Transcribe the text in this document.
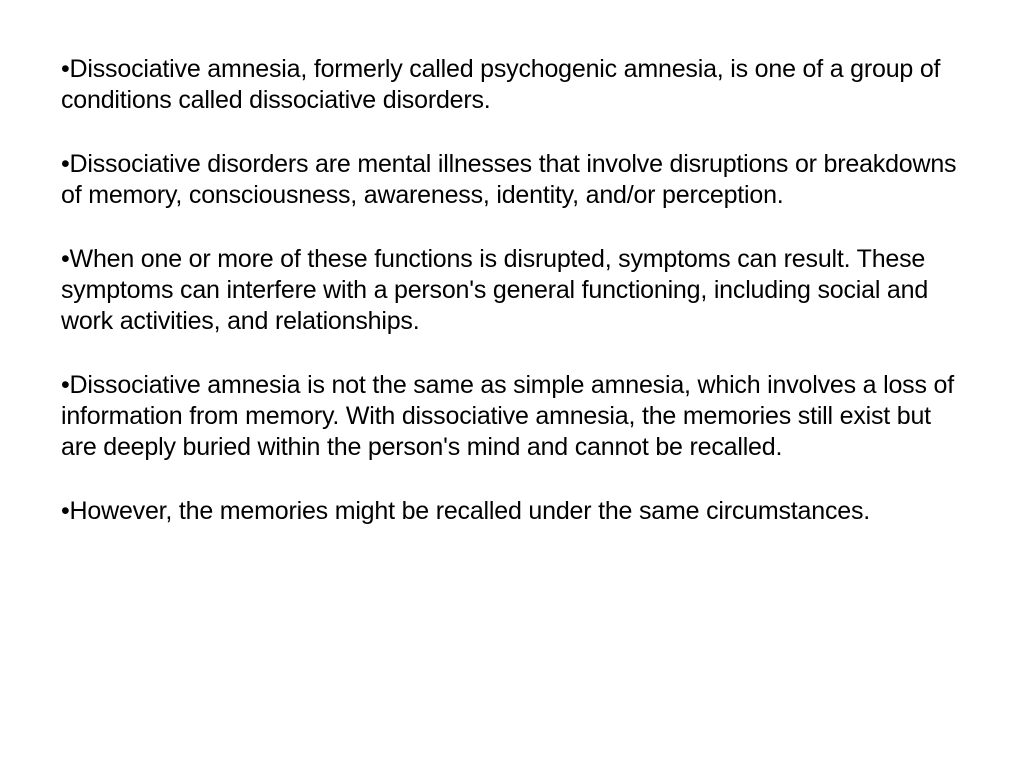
•Dissociative amnesia, formerly called psychogenic amnesia, is one of a group of conditions called dissociative disorders.

•Dissociative disorders are mental illnesses that involve disruptions or breakdowns of memory, consciousness, awareness, identity, and/or perception.

•When one or more of these functions is disrupted, symptoms can result. These symptoms can interfere with a person's general functioning, including social and work activities, and relationships.

•Dissociative amnesia is not the same as simple amnesia, which involves a loss of information from memory. With dissociative amnesia, the memories still exist but are deeply buried within the person's mind and cannot be recalled.

•However, the memories might be recalled under the same circumstances.
